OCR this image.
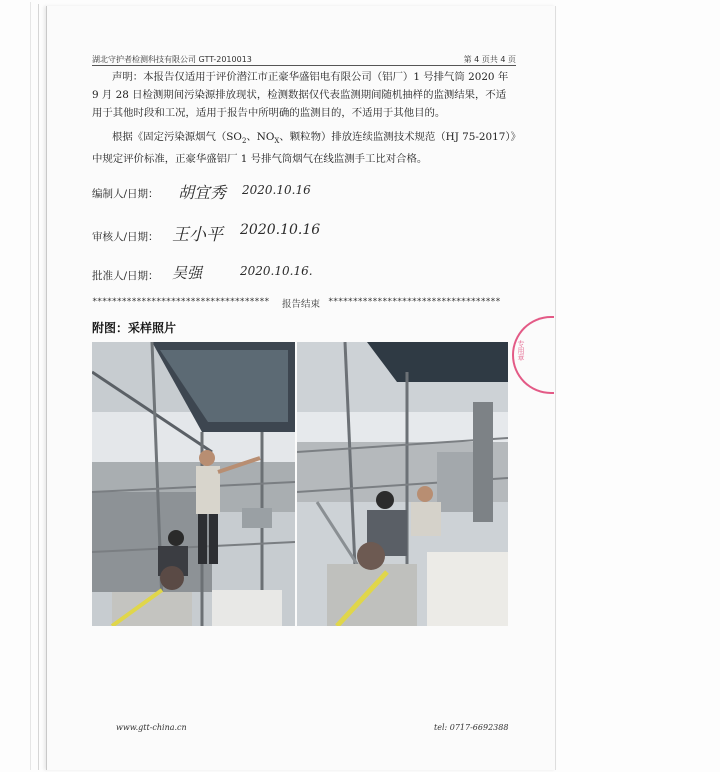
湖北守护者检测科技有限公司 GTT-2010013	第 4 页共 4 页
声明：本报告仅适用于评价潜江市正豪华盛铝电有限公司（铝厂）1 号排气筒 2020 年 9 月 28 日检测期间污染源排放现状，检测数据仅代表监测期间随机抽样的监测结果，不适用于其他时段和工况，适用于报告中所明确的监测目的，不适用于其他目的。
根据《固定污染源烟气（$SO_2$、$NO_X$、颗粒物）排放连续监测技术规范（HJ 75-2017）》中规定评价标准，正豪华盛铝厂 1 号排气筒烟气在线监测手工比对合格。
编制人/日期：	胡宜秀 2020.10.16
审核人/日期： 王小平 2020.10.16
批准人/日期： 吴强	2020.10.16.
************************************	***********************************
报告结束
附图：采样照片
专用章
www.gtt-china.cn	tel: 0717-6692388
